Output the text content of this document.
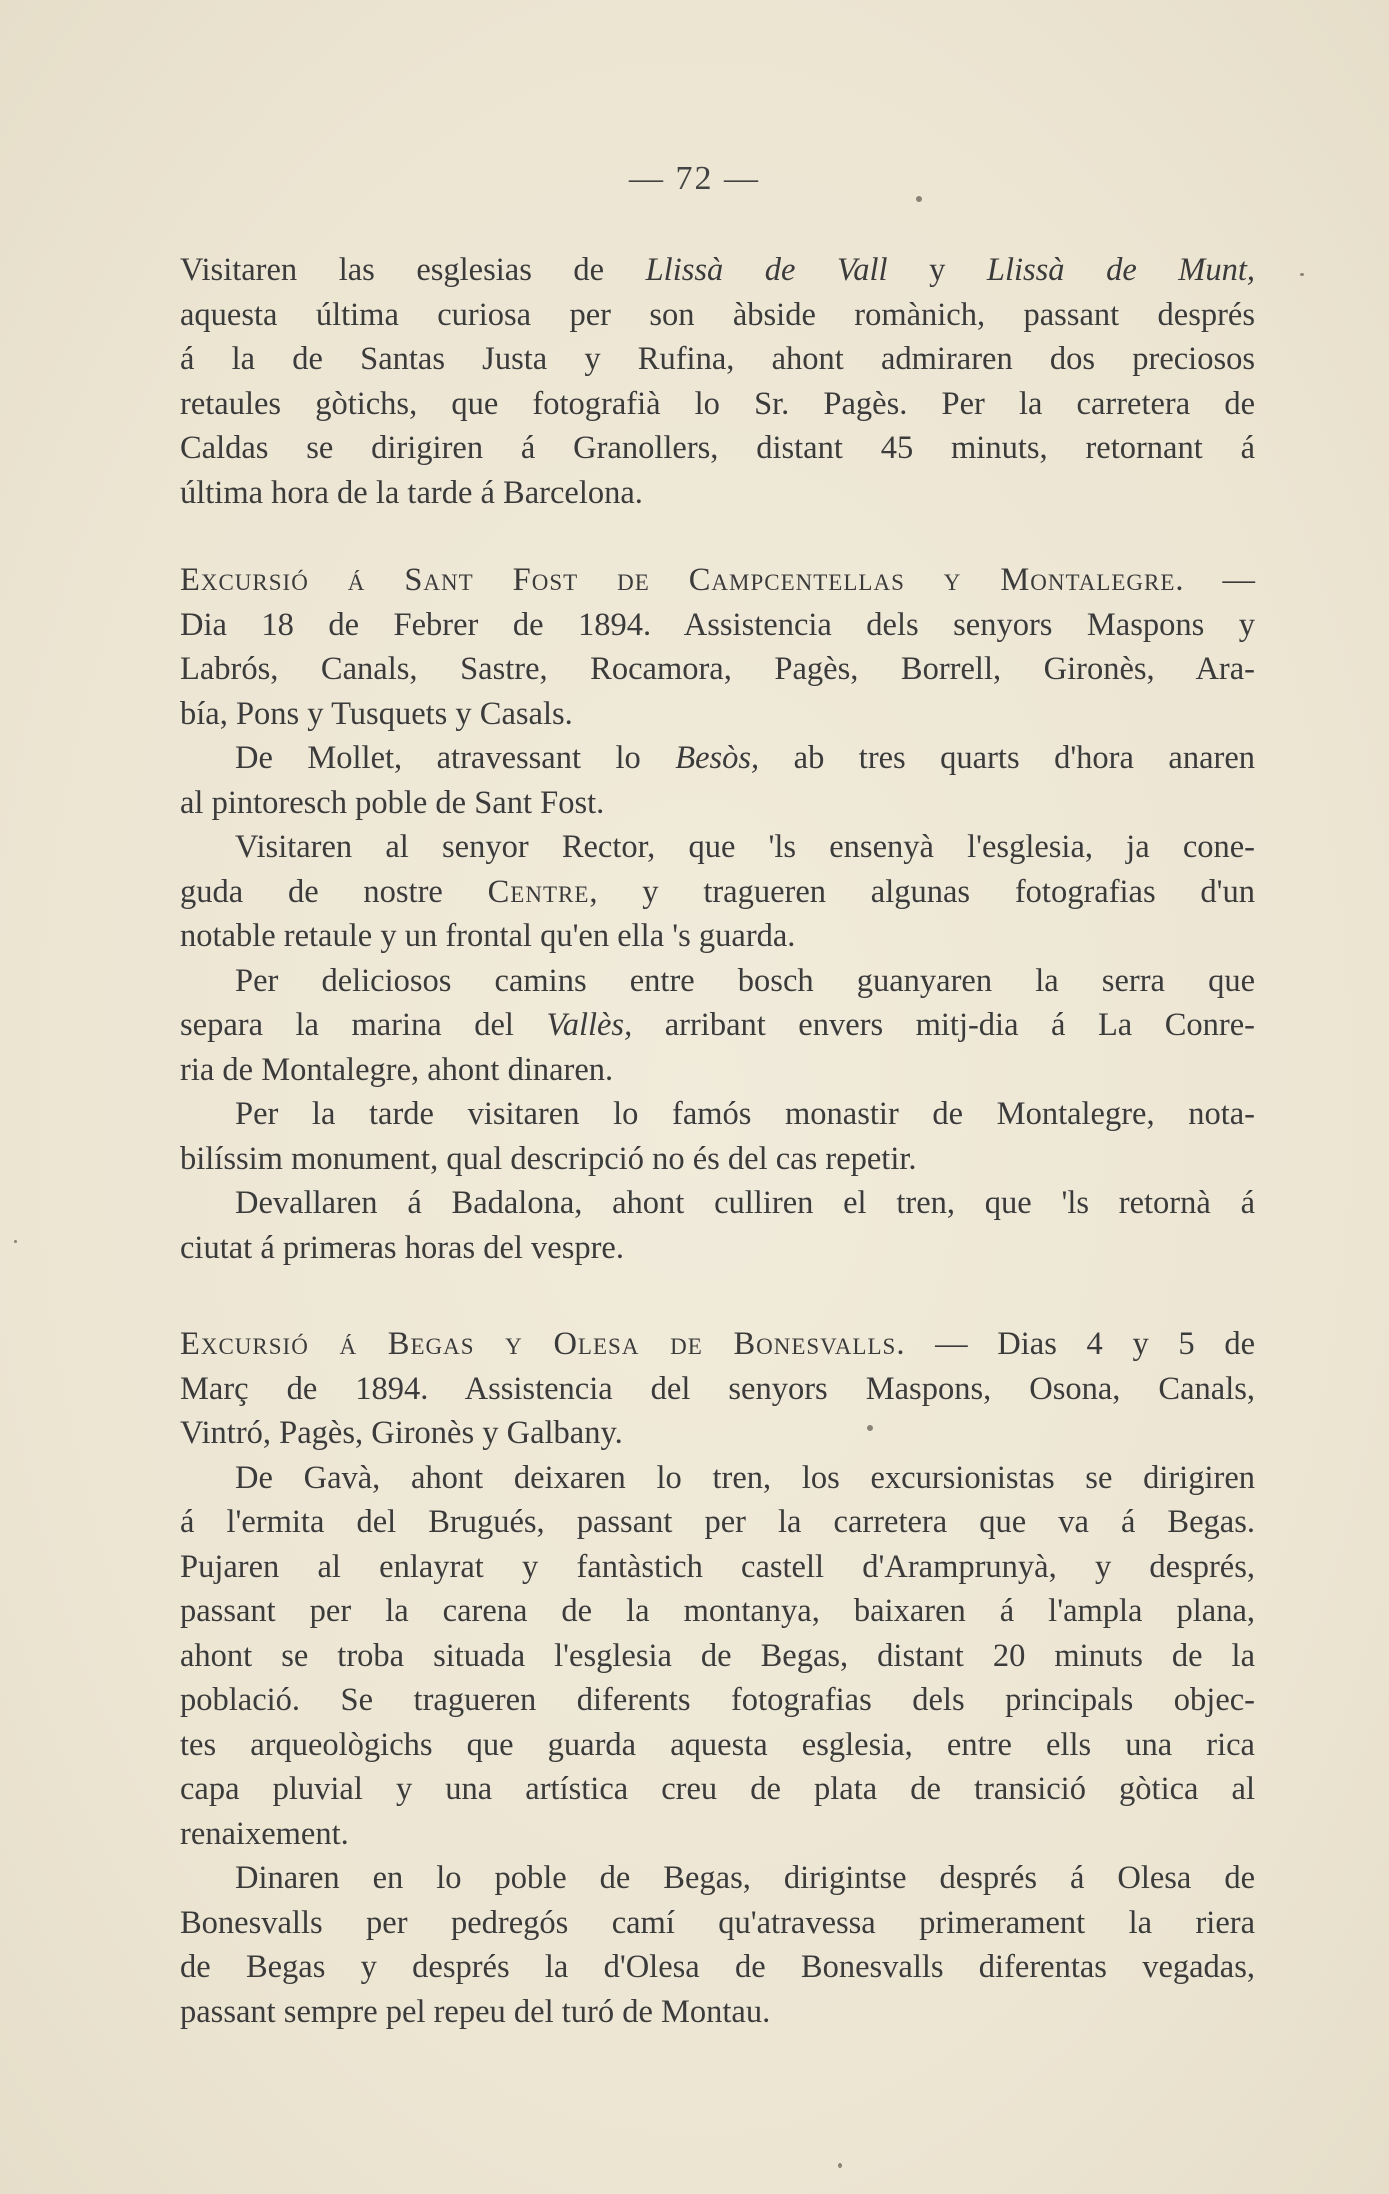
— 72 —

Visitaren las esglesias de Llissà de Vall y Llissà de Munt,
aquesta última curiosa per son àbside romànich, passant després
á la de Santas Justa y Rufina, ahont admiraren dos preciosos
retaules gòtichs, que fotografià lo Sr. Pagès. Per la carretera de
Caldas se dirigiren á Granollers, distant 45 minuts, retornant á
última hora de la tarde á Barcelona.

Excursió á Sant Fost de Campcentellas y Montalegre. —
Dia 18 de Febrer de 1894. Assistencia dels senyors Maspons y
Labrós, Canals, Sastre, Rocamora, Pagès, Borrell, Gironès, Ara-
bía, Pons y Tusquets y Casals.

De Mollet, atravessant lo Besòs, ab tres quarts d'hora anaren
al pintoresch poble de Sant Fost.

Visitaren al senyor Rector, que 'ls ensenyà l'esglesia, ja cone-
guda de nostre Centre, y tragueren algunas fotografias d'un
notable retaule y un frontal qu'en ella 's guarda.

Per deliciosos camins entre bosch guanyaren la serra que
separa la marina del Vallès, arribant envers mitj-dia á La Conre-
ria de Montalegre, ahont dinaren.

Per la tarde visitaren lo famós monastir de Montalegre, nota-
bilíssim monument, qual descripció no és del cas repetir.

Devallaren á Badalona, ahont culliren el tren, que 'ls retornà á
ciutat á primeras horas del vespre.

Excursió á Begas y Olesa de Bonesvalls. — Dias 4 y 5 de
Març de 1894. Assistencia del senyors Maspons, Osona, Canals,
Vintró, Pagès, Gironès y Galbany.

De Gavà, ahont deixaren lo tren, los excursionistas se dirigiren
á l'ermita del Brugués, passant per la carretera que va á Begas.
Pujaren al enlayrat y fantàstich castell d'Aramprunyà, y després,
passant per la carena de la montanya, baixaren á l'ampla plana,
ahont se troba situada l'esglesia de Begas, distant 20 minuts de la
població. Se tragueren diferents fotografias dels principals objec-
tes arqueològichs que guarda aquesta esglesia, entre ells una rica
capa pluvial y una artística creu de plata de transició gòtica al
renaixement.

Dinaren en lo poble de Begas, dirigintse després á Olesa de
Bonesvalls per pedregós camí qu'atravessa primerament la riera
de Begas y després la d'Olesa de Bonesvalls diferentas vegadas,
passant sempre pel repeu del turó de Montau.
